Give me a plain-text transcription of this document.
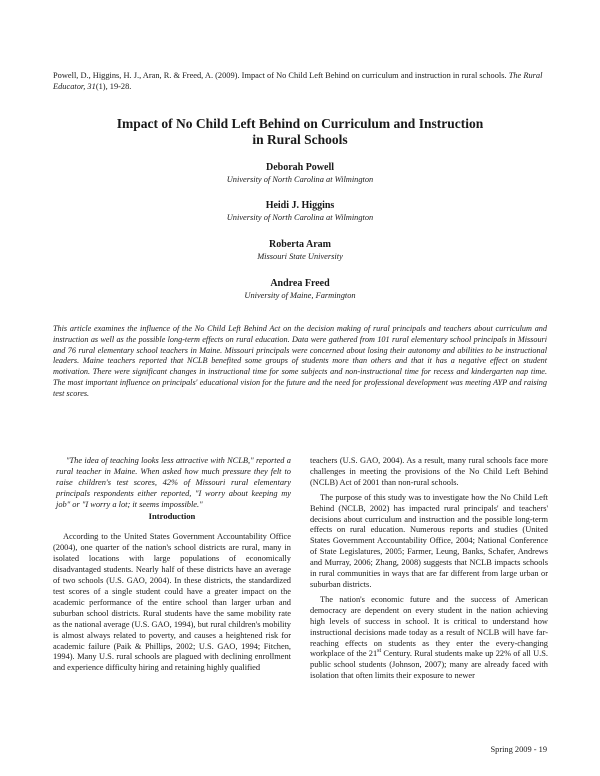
Powell, D., Higgins, H. J., Aran, R. & Freed, A. (2009). Impact of No Child Left Behind on curriculum and instruction in rural schools. The Rural Educator, 31(1), 19-28.
Impact of No Child Left Behind on Curriculum and Instruction
in Rural Schools
Deborah Powell
University of North Carolina at Wilmington
Heidi J. Higgins
University of North Carolina at Wilmington
Roberta Aram
Missouri State University
Andrea Freed
University of Maine, Farmington
This article examines the influence of the No Child Left Behind Act on the decision making of rural principals and teachers about curriculum and instruction as well as the possible long-term effects on rural education. Data were gathered from 101 rural elementary school principals in Missouri and 76 rural elementary school teachers in Maine. Missouri principals were concerned about losing their autonomy and abilities to be instructional leaders. Maine teachers reported that NCLB benefited some groups of students more than others and that it has a negative effect on student motivation. There were significant changes in instructional time for some subjects and non-instructional time for recess and kindergarten nap time. The most important influence on principals' educational vision for the future and the need for professional development was meeting AYP and raising test scores.

"The idea of teaching looks less attractive with NCLB," reported a rural teacher in Maine. When asked how much pressure they felt to raise children's test scores, 42% of Missouri rural elementary principals respondents either reported, "I worry about keeping my job" or "I worry a lot; it seems impossible."

Introduction

According to the United States Government Accountability Office (2004), one quarter of the nation's school districts are rural, many in isolated locations with large populations of economically disadvantaged students. Nearly half of these districts have an average of two schools (U.S. GAO, 2004). In these districts, the standardized test scores of a single student could have a greater impact on the academic performance of the entire school than larger urban and suburban school districts. Rural students have the same mobility rate as the national average (U.S. GAO, 1994), but rural children's mobility is almost always related to poverty, and causes a heightened risk for academic failure (Paik & Phillips, 2002; U.S. GAO, 1994; Fitchen, 1994). Many U.S. rural schools are plagued with declining enrollment and experience difficulty hiring and retaining highly qualified

teachers (U.S. GAO, 2004). As a result, many rural schools face more challenges in meeting the provisions of the No Child Left Behind (NCLB) Act of 2001 than non-rural schools.

The purpose of this study was to investigate how the No Child Left Behind (NCLB, 2002) has impacted rural principals' and teachers' decisions about curriculum and instruction and the possible long-term effects on rural education. Numerous reports and studies (United States Government Accountability Office, 2004; National Conference of State Legislatures, 2005; Farmer, Leung, Banks, Schafer, Andrews and Murray, 2006; Zhang, 2008) suggests that NCLB impacts schools in rural communities in ways that are far different from large urban or suburban districts.

The nation's economic future and the success of American democracy are dependent on every student in the nation achieving high levels of success in school. It is critical to understand how instructional decisions made today as a result of NCLB will have far-reaching effects on students as they enter the every-changing workplace of the 21st Century. Rural students make up 22% of all U.S. public school students (Johnson, 2007); many are already faced with isolation that often limits their exposure to newer

Spring 2009 - 19
